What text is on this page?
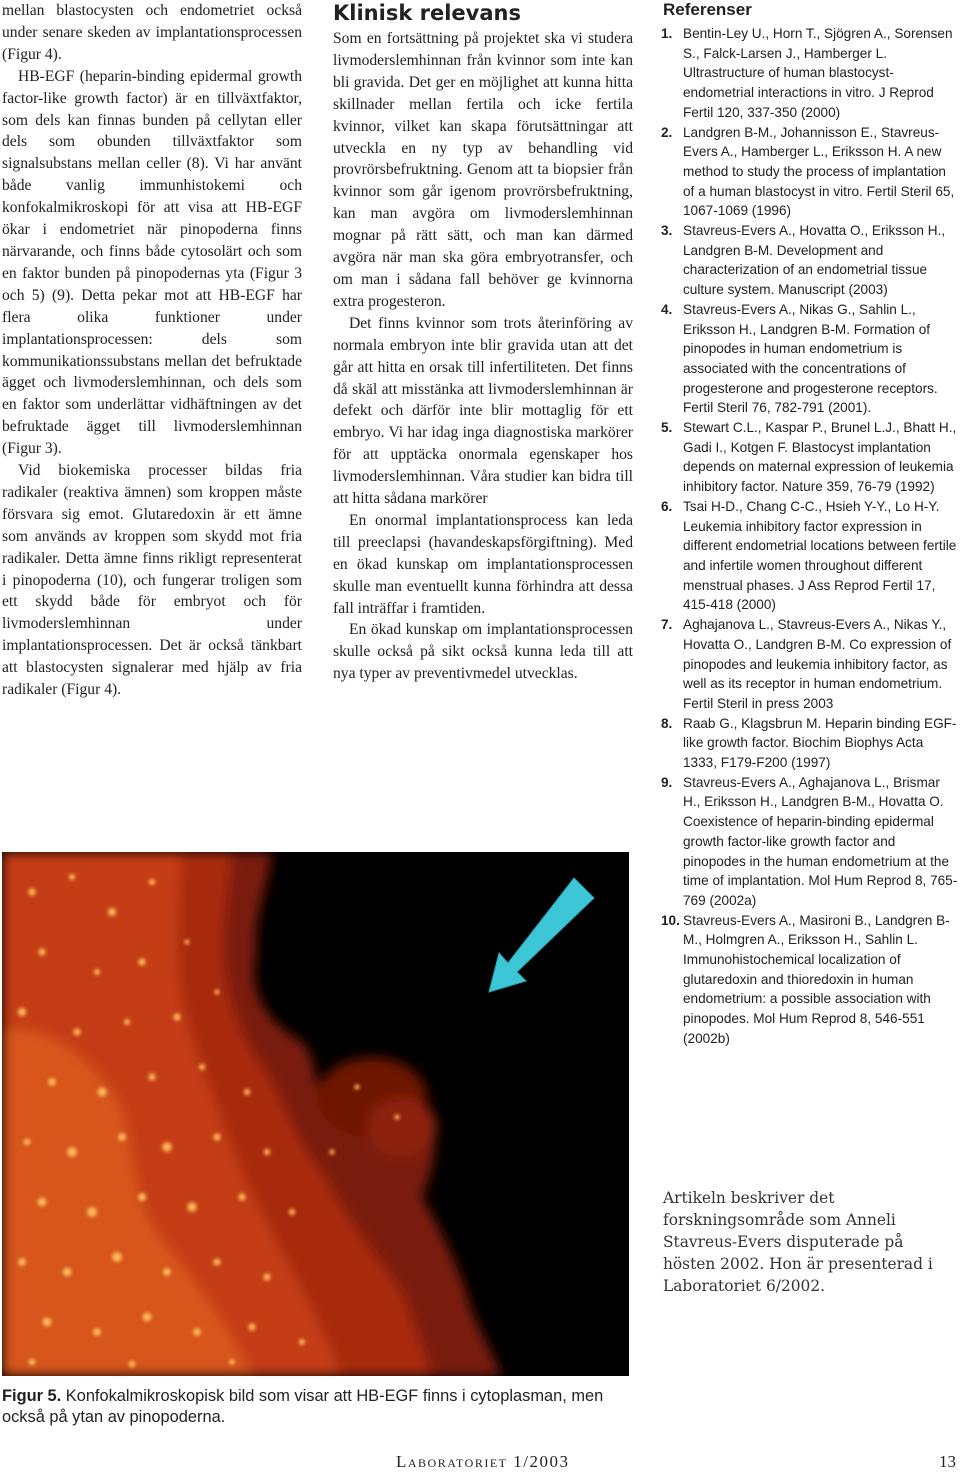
mellan blastocysten och endometriet också under senare skeden av implantationsprocessen (Figur 4).

HB-EGF (heparin-binding epidermal growth factor-like growth factor) är en tillväxtfaktor, som dels kan finnas bunden på cellytan eller dels som obunden tillväxtfaktor som signalsubstans mellan celler (8). Vi har använt både vanlig immunhistokemi och konfokalmikroskopi för att visa att HB-EGF ökar i endometriet när pinopoderna finns närvarande, och finns både cytosolärt och som en faktor bunden på pinopodernas yta (Figur 3 och 5) (9). Detta pekar mot att HB-EGF har flera olika funktioner under implantationsprocessen: dels som kommunikationssubstans mellan det befruktade ägget och livmoderslemhinnan, och dels som en faktor som underlättar vidhäftningen av det befruktade ägget till livmoderslemhinnan (Figur 3).

Vid biokemiska processer bildas fria radikaler (reaktiva ämnen) som kroppen måste försvara sig emot. Glutaredoxin är ett ämne som används av kroppen som skydd mot fria radikaler. Detta ämne finns rikligt representerat i pinopoderna (10), och fungerar troligen som ett skydd både för embryot och för livmoderslemhinnan under implantationsprocessen. Det är också tänkbart att blastocysten signalerar med hjälp av fria radikaler (Figur 4).

Klinisk relevans

Som en fortsättning på projektet ska vi studera livmoderslemhinnan från kvinnor som inte kan bli gravida. Det ger en möjlighet att kunna hitta skillnader mellan fertila och icke fertila kvinnor, vilket kan skapa förutsättningar att utveckla en ny typ av behandling vid provrörsbefruktning. Genom att ta biopsier från kvinnor som går igenom provrörsbefruktning, kan man avgöra om livmoderslemhinnan mognar på rätt sätt, och man kan därmed avgöra när man ska göra embryotransfer, och om man i sådana fall behöver ge kvinnorna extra progesteron.

Det finns kvinnor som trots återinföring av normala embryon inte blir gravida utan att det går att hitta en orsak till infertiliteten. Det finns då skäl att misstänka att livmoderslemhinnan är defekt och därför inte blir mottaglig för ett embryo. Vi har idag inga diagnostiska markörer för att upptäcka onormala egenskaper hos livmoderslemhinnan. Våra studier kan bidra till att hitta sådana markörer

En onormal implantationsprocess kan leda till preeclapsi (havandeskapsförgiftning). Med en ökad kunskap om implantationsprocessen skulle man eventuellt kunna förhindra att dessa fall inträffar i framtiden.

En ökad kunskap om implantationsprocessen skulle också på sikt också kunna leda till att nya typer av preventivmedel utvecklas.

Referenser
1. Bentin-Ley U., Horn T., Sjögren A., Sorensen S., Falck-Larsen J., Hamberger L. Ultrastructure of human blastocyst-endometrial interactions in vitro. J Reprod Fertil 120, 337-350 (2000)
2. Landgren B-M., Johannisson E., Stavreus-Evers A., Hamberger L., Eriksson H. A new method to study the process of implantation of a human blastocyst in vitro. Fertil Steril 65, 1067-1069 (1996)
3. Stavreus-Evers A., Hovatta O., Eriksson H., Landgren B-M. Development and characterization of an endometrial tissue culture system. Manuscript (2003)
4. Stavreus-Evers A., Nikas G., Sahlin L., Eriksson H., Landgren B-M. Formation of pinopodes in human endometrium is associated with the concentrations of progesterone and progesterone receptors. Fertil Steril 76, 782-791 (2001).
5. Stewart C.L., Kaspar P., Brunel L.J., Bhatt H., Gadi I., Kotgen F. Blastocyst implantation depends on maternal expression of leukemia inhibitory factor. Nature 359, 76-79 (1992)
6. Tsai H-D., Chang C-C., Hsieh Y-Y., Lo H-Y. Leukemia inhibitory factor expression in different endometrial locations between fertile and infertile women throughout different menstrual phases. J Ass Reprod Fertil 17, 415-418 (2000)
7. Aghajanova L., Stavreus-Evers A., Nikas Y., Hovatta O., Landgren B-M. Co expression of pinopodes and leukemia inhibitory factor, as well as its receptor in human endometrium. Fertil Steril in press 2003
8. Raab G., Klagsbrun M. Heparin binding EGF-like growth factor. Biochim Biophys Acta 1333, F179-F200 (1997)
9. Stavreus-Evers A., Aghajanova L., Brismar H., Eriksson H., Landgren B-M., Hovatta O. Coexistence of heparin-binding epidermal growth factor-like growth factor and pinopodes in the human endometrium at the time of implantation. Mol Hum Reprod 8, 765-769 (2002a)
10. Stavreus-Evers A., Masironi B., Landgren B-M., Holmgren A., Eriksson H., Sahlin L. Immunohistochemical localization of glutaredoxin and thioredoxin in human endometrium: a possible association with pinopodes. Mol Hum Reprod 8, 546-551 (2002b)
Artikeln beskriver det forskningsområde som Anneli Stavreus-Evers disputerade på hösten 2002. Hon är presenterad i Laboratoriet 6/2002.
Figur 5. Konfokalmikroskopisk bild som visar att HB-EGF finns i cytoplasman, men också på ytan av pinopoderna.
Laboratoriet 1/2003	13
